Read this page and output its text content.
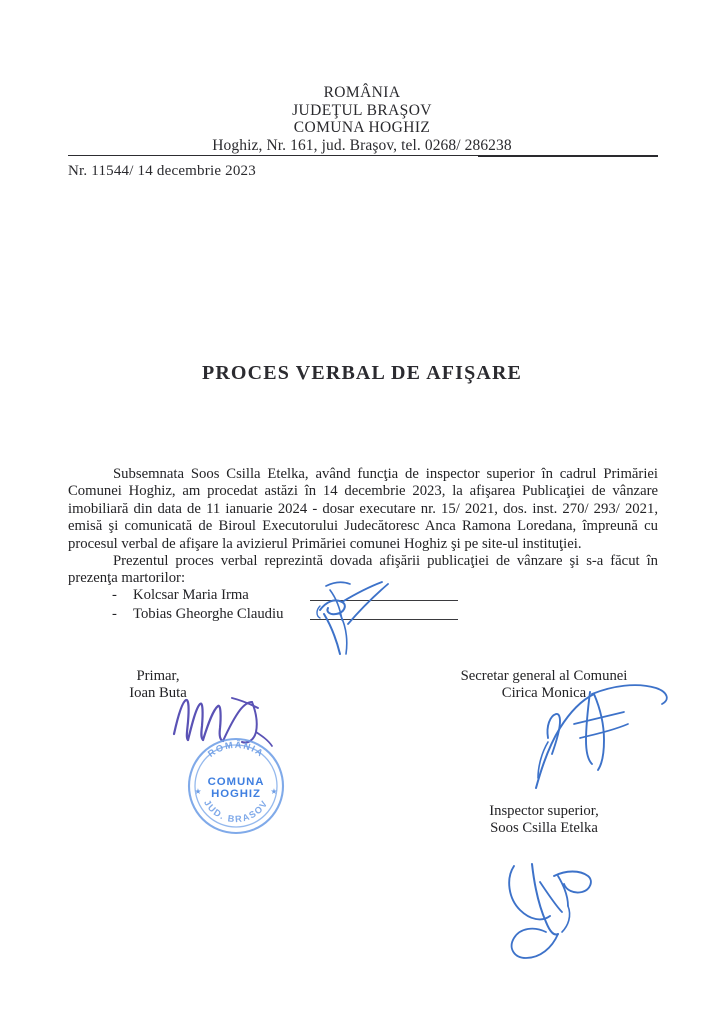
ROMÂNIA
JUDEŢUL BRAŞOV
COMUNA HOGHIZ
Hoghiz, Nr. 161, jud. Braşov, tel. 0268/ 286238
Nr. 11544/ 14 decembrie 2023
PROCES VERBAL DE AFIŞARE

Subsemnata Soos Csilla Etelka, având funcţia de inspector superior în cadrul Primăriei Comunei Hoghiz, am procedat astăzi în 14 decembrie 2023, la afişarea Publicaţiei de vânzare imobiliară din data de 11 ianuarie 2024 - dosar executare nr. 15/ 2021, dos. inst. 270/ 293/ 2021, emisă şi comunicată de Biroul Executorului Judecătoresc Anca Ramona Loredana, împreună cu procesul verbal de afişare la avizierul Primăriei comunei Hoghiz şi pe site-ul instituţiei.

Prezentul proces verbal reprezintă dovada afişării publicaţiei de vânzare şi s-a făcut în prezenţa martorilor:

- Kolcsar Maria Irma
- Tobias Gheorghe Claudiu
Primar,
Ioan Buta
Secretar general al Comunei
Cirica Monica
Inspector superior,
Soos Csilla Etelka
ROMÂNIA
JUD. BRASOV
COMUNA
HOGHIZ
★	★
